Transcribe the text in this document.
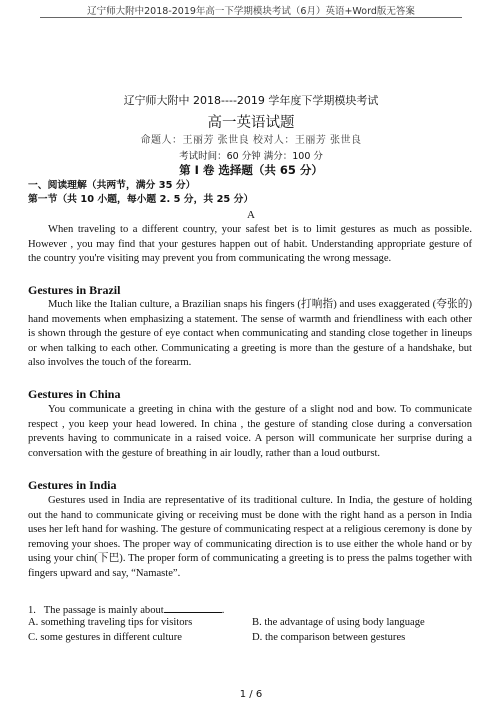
辽宁师大附中2018-2019年高一下学期模块考试（6月）英语+Word版无答案
辽宁师大附中 2018----2019 学年度下学期模块考试
高一英语试题
命题人：王丽芳 张世良 校对人：王丽芳 张世良
考试时间：60 分钟 满分：100 分
第 Ⅰ 卷 选择题（共 65 分）
一、阅读理解（共两节，满分 35 分）
第一节（共 10 小题，每小题 2. 5 分，共 25 分）
A

When traveling to a different country, your safest bet is to limit gestures as much as possible. However , you may find that your gestures happen out of habit. Understanding appropriate gesture of the country you're visiting may prevent you from communicating the wrong message.

Gestures in Brazil

Much like the Italian culture, a Brazilian snaps his fingers (打响指) and uses exaggerated (夸张的) hand movements when emphasizing a statement. The sense of warmth and friendliness with each other is shown through the gesture of eye contact when communicating and standing close together in lineups or when talking to each other. Communicating a greeting is more than the gesture of a handshake, but also involves the touch of the forearm.

Gestures in China

You communicate a greeting in china with the gesture of a slight nod and bow. To communicate respect , you keep your head lowered. In china , the gesture of standing close during a conversation prevents having to communicate in a raised voice. A person will communicate her surprise during a conversation with the gesture of breathing in air loudly, rather than a loud outburst.

Gestures in India

Gestures used in India are representative of its traditional culture. In India, the gesture of holding out the hand to communicate giving or receiving must be done with the right hand as a person in India uses her left hand for washing. The gesture of communicating respect at a religious ceremony is done by removing your shoes. The proper way of communicating direction is to use either the whole hand or by using your chin(下巴). The proper form of communicating a greeting is to press the palms together with fingers upward and say, “Namaste”.

1.   The passage is mainly about	.
A. something traveling tips for visitors	B. the advantage of using body language
C. some gestures in different culture	D. the comparison between gestures
1 / 6
